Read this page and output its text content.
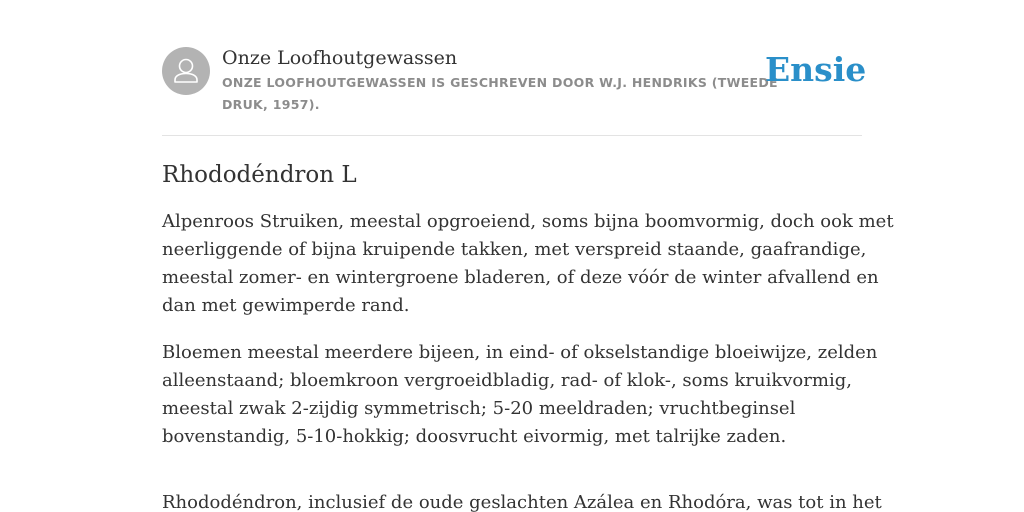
Onze Loofhoutgewassen
ONZE LOOFHOUTGEWASSEN IS GESCHREVEN DOOR W.J. HENDRIKS (TWEEDE
DRUK, 1957).
Ensie
Rhododéndron L

Alpenroos Struiken, meestal opgroeiend, soms bijna boomvormig, doch ook met
neerliggende of bijna kruipende takken, met verspreid staande, gaafrandige,
meestal zomer- en wintergroene bladeren, of deze vóór de winter afvallend en
dan met gewimperde rand.

Bloemen meestal meerdere bijeen, in eind- of okselstandige bloeiwijze, zelden
alleenstaand; bloemkroon vergroeidbladig, rad- of klok-, soms kruikvormig,
meestal zwak 2-zijdig symmetrisch; 5-20 meeldraden; vruchtbeginsel
bovenstandig, 5-10-hokkig; doosvrucht eivormig, met talrijke zaden.

Rhododéndron, inclusief de oude geslachten Azálea en Rhodóra, was tot in het
